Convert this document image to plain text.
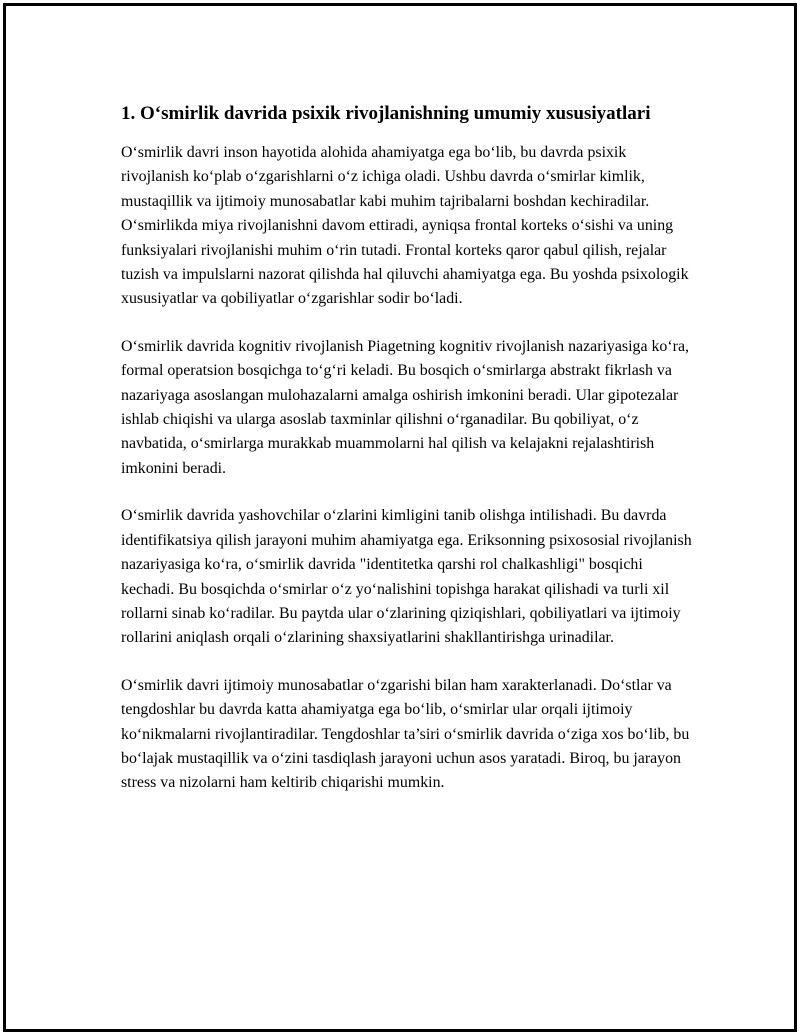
1. O‘smirlik davrida psixik rivojlanishning umumiy xususiyatlari

O‘smirlik davri inson hayotida alohida ahamiyatga ega bo‘lib, bu davrda psixik rivojlanish ko‘plab o‘zgarishlarni o‘z ichiga oladi. Ushbu davrda o‘smirlar kimlik, mustaqillik va ijtimoiy munosabatlar kabi muhim tajribalarni boshdan kechiradilar. O‘smirlikda miya rivojlanishni davom ettiradi, ayniqsa frontal korteks o‘sishi va uning funksiyalari rivojlanishi muhim o‘rin tutadi. Frontal korteks qaror qabul qilish, rejalar tuzish va impulslarni nazorat qilishda hal qiluvchi ahamiyatga ega. Bu yoshda psixologik xususiyatlar va qobiliyatlar o‘zgarishlar sodir bo‘ladi.

O‘smirlik davrida kognitiv rivojlanish Piagetning kognitiv rivojlanish nazariyasiga ko‘ra, formal operatsion bosqichga to‘g‘ri keladi. Bu bosqich o‘smirlarga abstrakt fikrlash va nazariyaga asoslangan mulohazalarni amalga oshirish imkonini beradi. Ular gipotezalar ishlab chiqishi va ularga asoslab taxminlar qilishni o‘rganadilar. Bu qobiliyat, o‘z navbatida, o‘smirlarga murakkab muammolarni hal qilish va kelajakni rejalashtirish imkonini beradi.

O‘smirlik davrida yashovchilar o‘zlarini kimligini tanib olishga intilishadi. Bu davrda identifikatsiya qilish jarayoni muhim ahamiyatga ega. Eriksonning psixososial rivojlanish nazariyasiga ko‘ra, o‘smirlik davrida "identitetka qarshi rol chalkashligi" bosqichi kechadi. Bu bosqichda o‘smirlar o‘z yo‘nalishini topishga harakat qilishadi va turli xil rollarni sinab ko‘radilar. Bu paytda ular o‘zlarining qiziqishlari, qobiliyatlari va ijtimoiy rollarini aniqlash orqali o‘zlarining shaxsiyatlarini shakllantirishga urinadilar.

O‘smirlik davri ijtimoiy munosabatlar o‘zgarishi bilan ham xarakterlanadi. Do‘stlar va tengdoshlar bu davrda katta ahamiyatga ega bo‘lib, o‘smirlar ular orqali ijtimoiy ko‘nikmalarni rivojlantiradilar. Tengdoshlar ta’siri o‘smirlik davrida o‘ziga xos bo‘lib, bu bo‘lajak mustaqillik va o‘zini tasdiqlash jarayoni uchun asos yaratadi. Biroq, bu jarayon stress va nizolarni ham keltirib chiqarishi mumkin.
